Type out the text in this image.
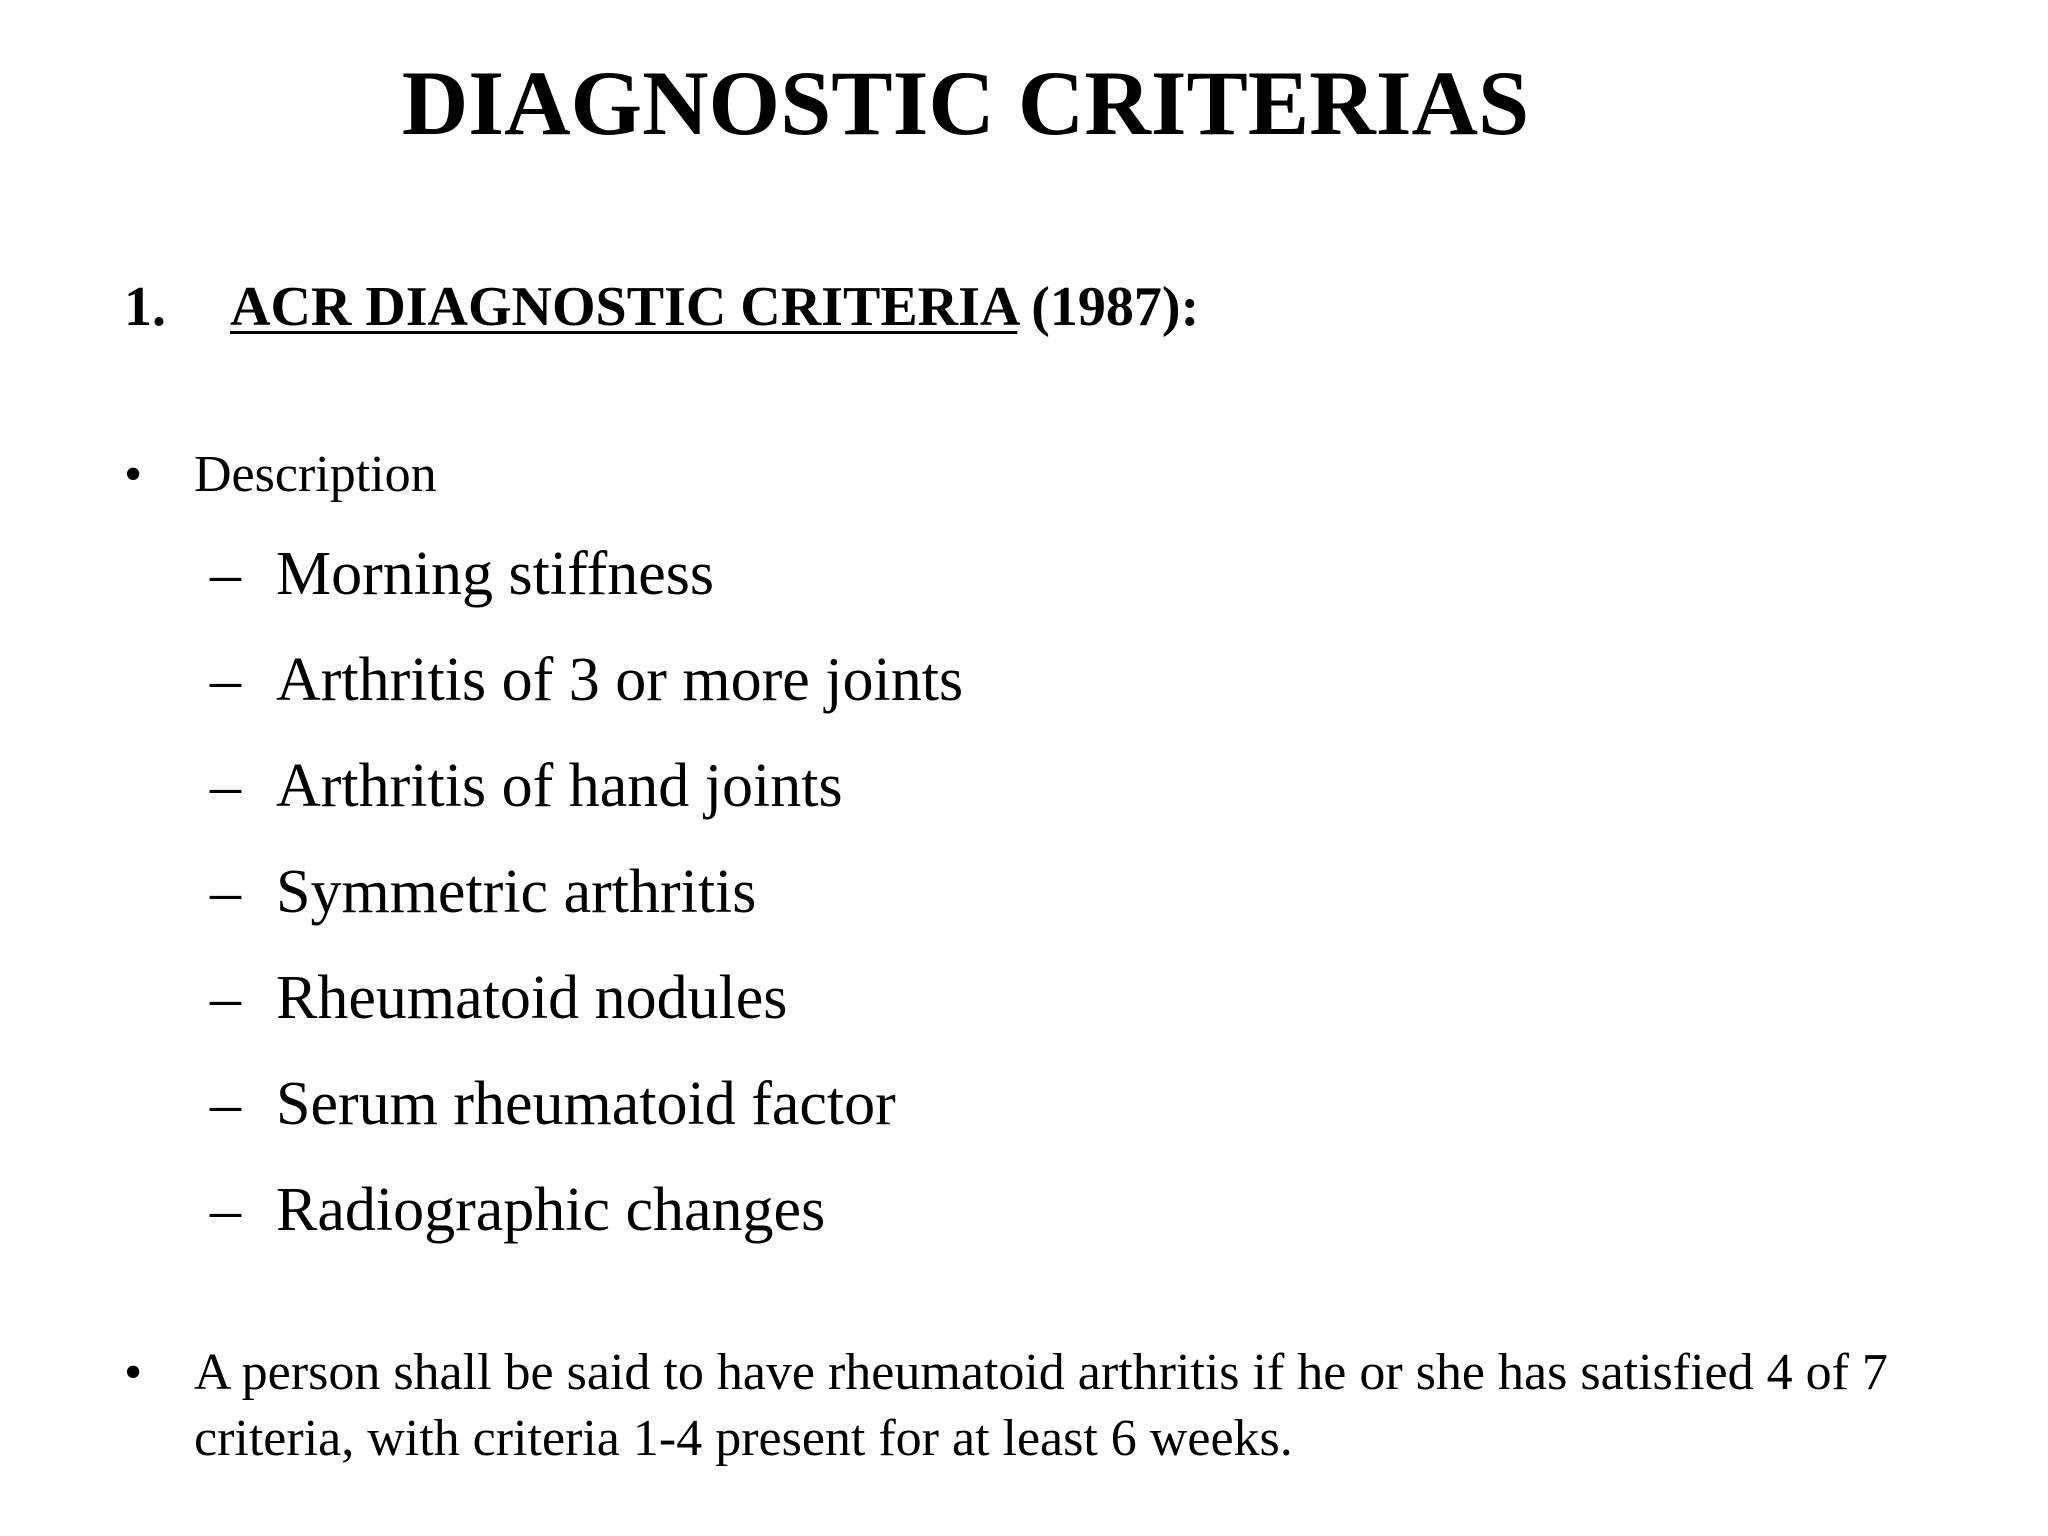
DIAGNOSTIC CRITERIAS
1. ACR DIAGNOSTIC CRITERIA (1987):
• Description
– Morning stiffness
– Arthritis of 3 or more joints
– Arthritis of hand joints
– Symmetric arthritis
– Rheumatoid nodules
– Serum rheumatoid factor
– Radiographic changes
• A person shall be said to have rheumatoid arthritis if he or she has satisfied 4 of 7 criteria, with criteria 1-4 present for at least 6 weeks.
